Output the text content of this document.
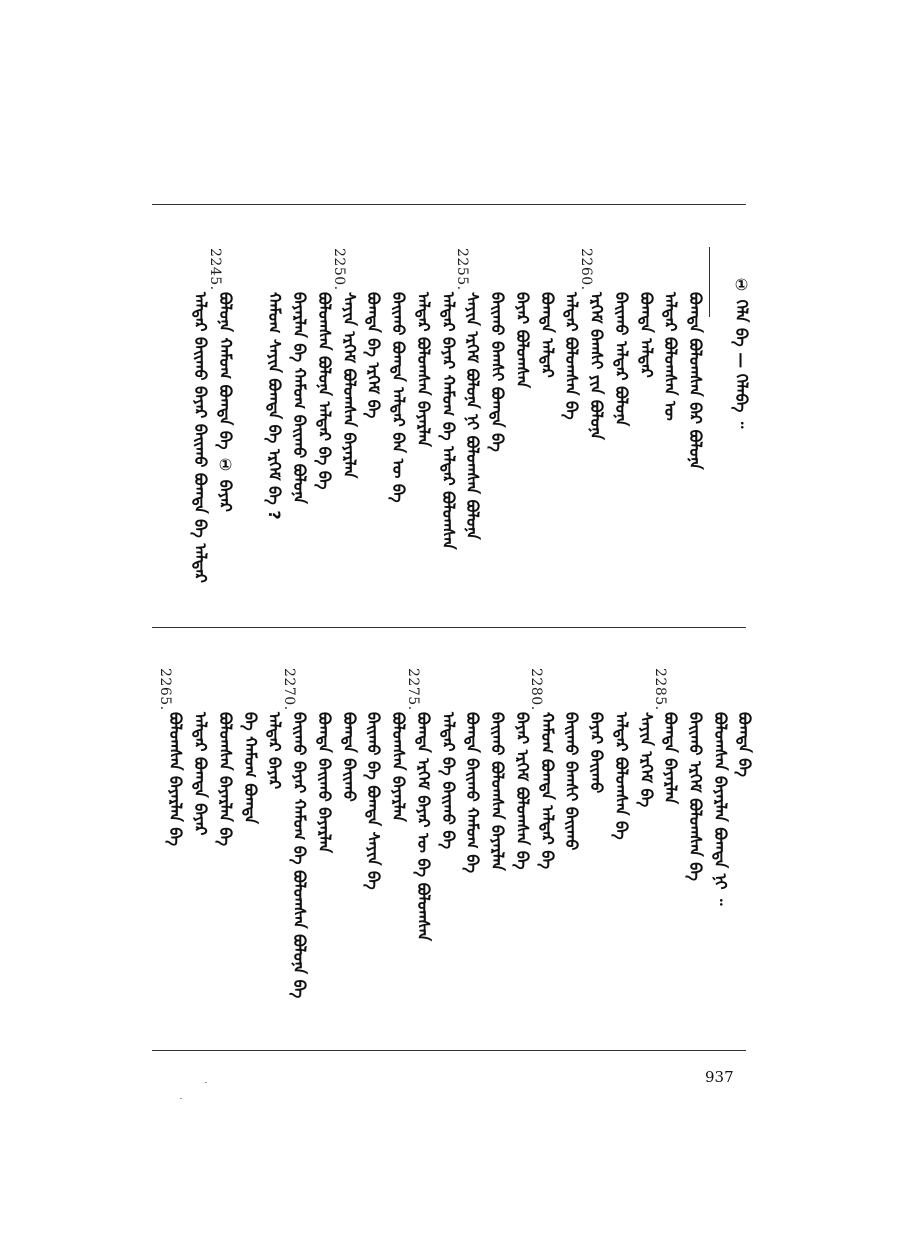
① ᠬᠡᠯᠡ ᠪᠠ — ᠬᠡᠯᠡᠪᠡ ᠃
2260.
2255.
2250.
2245.
ᠪᠣᠭᠳᠠ ᠪᠣᠯᠤᠭᠰᠠᠨ ᠪᠡᠷ ᠪᠣᠯᠤᠨᠠ
ᠠᠯᠳᠠᠷ ᠪᠣᠯᠤᠭᠰᠠᠨ ᠦ
ᠪᠣᠭᠳᠠ ᠠᠯᠳᠠᠷ
ᠪᠠᠢᠬᠤ ᠠᠯᠳᠠᠷ ᠪᠣᠯᠤᠨᠠ
ᠡᠷᠬᠡᠮ ᠪᠠᠭᠰᠢ ᠶᠢᠨ ᠪᠣᠯᠤᠨᠠ
ᠠᠯᠳᠠᠷ ᠪᠣᠯᠤᠭᠰᠠᠨ ᠪᠠ
ᠪᠣᠭᠳᠠ ᠠᠯᠳᠠᠷ
ᠪᠠᠶᠠᠷ ᠪᠣᠯᠤᠭᠰᠠᠨ
ᠪᠠᠢᠬᠤ ᠪᠠᠭᠰᠢ ᠪᠣᠭᠳᠠ ᠪᠠ
ᠰᠠᠶᠢᠨ ᠡᠷᠬᠡᠮ ᠪᠣᠯᠤᠨᠠ ᠨᠢ ᠪᠣᠯᠤᠭᠰᠠᠨ ᠪᠣᠯᠤᠨᠠ
ᠠᠯᠳᠠᠷ ᠪᠠᠶᠠᠷ ᠬᠠᠮᠤᠭ ᠪᠠ ᠠᠯᠳᠠᠷ ᠪᠣᠯᠤᠭᠰᠠᠨ
ᠠᠯᠳᠠᠷ ᠪᠣᠯᠤᠭᠰᠠᠨ ᠪᠠᠶᠠᠷᠯᠠᠨ
ᠪᠠᠢᠬᠤ ᠪᠣᠭᠳᠠ ᠠᠯᠳᠠᠷ ᠪᠠᠨ ᠦ ᠪᠠ
ᠪᠣᠭᠳᠠ ᠪᠠ ᠡᠷᠬᠡᠮ ᠪᠠ
ᠰᠠᠶᠢᠨ ᠡᠷᠬᠡᠮ ᠪᠣᠯᠤᠭᠰᠠᠨ ᠪᠠᠶᠠᠷᠯᠠᠨ
ᠪᠣᠯᠤᠭᠰᠠᠨ ᠪᠣᠯᠤᠨᠠ ᠠᠯᠳᠠᠷ ᠪᠠ ᠪᠠ
ᠪᠠᠶᠠᠷᠯᠠᠨ ᠪᠠ ᠬᠠᠮᠤᠭ ᠪᠠᠢᠬᠤ ᠪᠣᠯᠤᠨᠠ
ᠬᠠᠮᠤᠭ ᠰᠠᠶᠢᠨ ᠪᠣᠭᠳᠠ ᠪᠠ ᠡᠷᠬᠡᠮ ᠪᠠ ?
ᠪᠣᠯᠤᠨᠠ ᠬᠠᠮᠤᠭ ᠪᠣᠭᠳᠠ ᠪᠠ ① ᠪᠠᠶᠠᠷ
ᠠᠯᠳᠠᠷ ᠪᠠᠢᠬᠤ ᠪᠠᠶᠠᠷ ᠪᠠᠢᠬᠤ ᠪᠣᠭᠳᠠ ᠪᠠ ᠠᠯᠳᠠᠷ
2285.
2280.
2275.
2270.
2265.
ᠪᠣᠭᠳᠠ ᠪᠠ
ᠪᠣᠯᠤᠭᠰᠠᠨ ᠪᠠᠶᠠᠷᠯᠠᠨ ᠪᠣᠭᠳᠠ ᠨᠢ ᠃
ᠪᠠᠢᠬᠤ ᠡᠷᠬᠡᠮ ᠪᠣᠯᠤᠭᠰᠠᠨ ᠪᠠ
ᠪᠣᠭᠳᠠ ᠪᠠᠶᠠᠷᠯᠠᠨ
ᠰᠠᠶᠢᠨ ᠡᠷᠬᠡᠮ ᠪᠠ
ᠠᠯᠳᠠᠷ ᠪᠣᠯᠤᠭᠰᠠᠨ ᠪᠠ
ᠪᠠᠶᠠᠷ ᠪᠠᠢᠬᠤ
ᠪᠠᠢᠬᠤ ᠪᠠᠭᠰᠢ ᠪᠠᠢᠬᠤ
ᠬᠠᠮᠤᠭ ᠪᠣᠭᠳᠠ ᠠᠯᠳᠠᠷ ᠪᠠ
ᠪᠠᠶᠠᠷ ᠡᠷᠬᠡᠮ ᠪᠣᠯᠤᠭᠰᠠᠨ ᠪᠠ
ᠪᠠᠢᠬᠤ ᠪᠣᠯᠤᠭᠰᠠᠨ ᠪᠠᠶᠠᠷᠯᠠᠨ
ᠪᠣᠭᠳᠠ ᠪᠠᠢᠬᠤ ᠬᠠᠮᠤᠭ ᠪᠠ
ᠠᠯᠳᠠᠷ ᠪᠠ ᠪᠠᠢᠬᠤ ᠪᠠ
ᠪᠣᠭᠳᠠ ᠡᠷᠬᠡᠮ ᠪᠠᠶᠠᠷ ᠦ ᠪᠠ ᠪᠣᠯᠤᠭᠰᠠᠨ
ᠪᠣᠯᠤᠭᠰᠠᠨ ᠪᠠᠶᠠᠷᠯᠠᠨ
ᠪᠠᠢᠬᠤ ᠪᠠ ᠪᠣᠭᠳᠠ ᠰᠠᠶᠢᠨ ᠪᠠ
ᠪᠣᠭᠳᠠ ᠪᠠᠢᠬᠤ
ᠪᠣᠭᠳᠠ ᠪᠠᠢᠬᠤ ᠪᠠᠶᠠᠷᠯᠠᠨ
ᠪᠠᠢᠬᠤ ᠪᠠᠶᠠᠷ ᠬᠠᠮᠤᠭ ᠪᠠ ᠪᠣᠯᠤᠭᠰᠠᠨ ᠪᠣᠯᠤᠨᠠ ᠪᠠ
ᠠᠯᠳᠠᠷ ᠪᠠᠶᠠᠷ
ᠪᠠ ᠬᠠᠮᠤᠭ ᠪᠣᠭᠳᠠ
ᠪᠣᠯᠤᠭᠰᠠᠨ ᠪᠠᠶᠠᠷᠯᠠᠨ ᠪᠠ
ᠠᠯᠳᠠᠷ ᠪᠣᠭᠳᠠ ᠪᠠᠶᠠᠷ
ᠪᠣᠯᠤᠭᠰᠠᠨ ᠪᠠᠶᠠᠷᠯᠠᠨ ᠪᠠ
937
